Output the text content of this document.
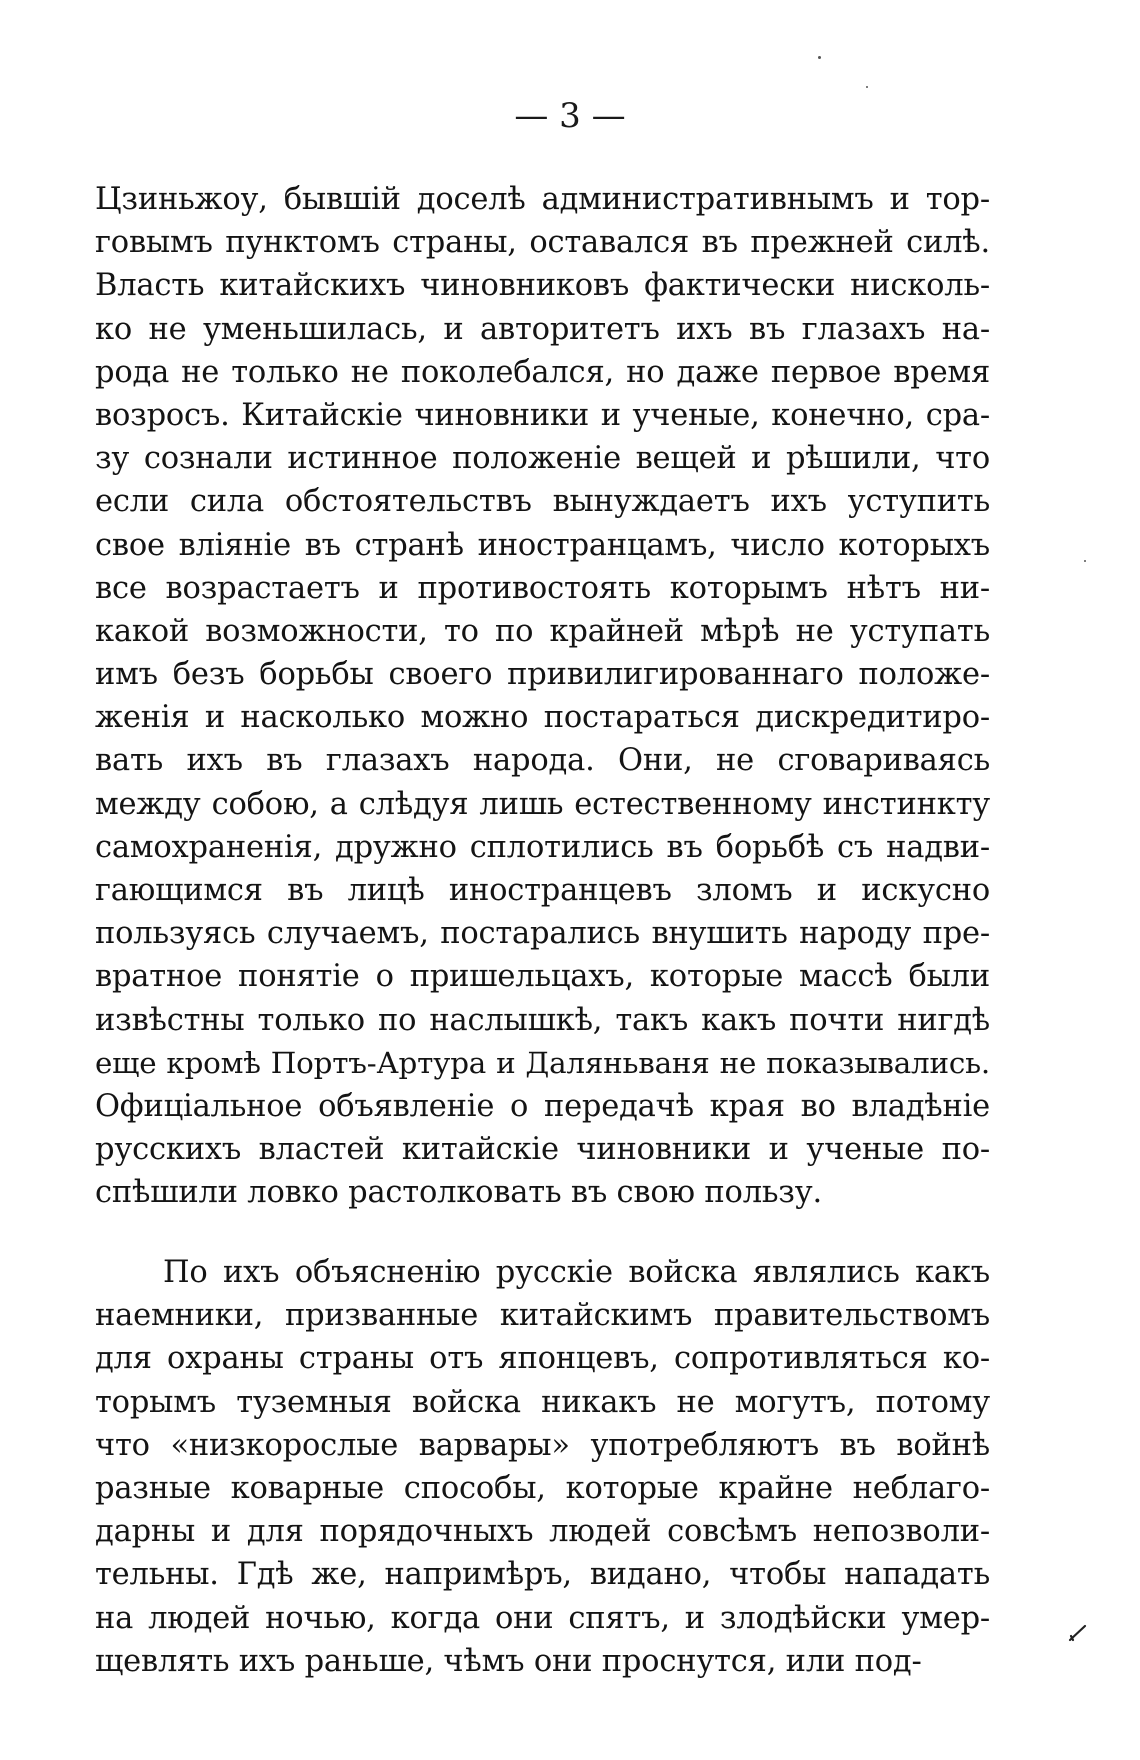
— 3 —
Цзиньжоу, бывшій доселѣ административнымъ и тор-
говымъ пунктомъ страны, оставался въ прежней силѣ.
Власть китайскихъ чиновниковъ фактически нисколь-
ко не уменьшилась, и авторитетъ ихъ въ глазахъ на-
рода не только не поколебался, но даже первое время
возросъ. Китайскіе чиновники и ученые, конечно, сра-
зу сознали истинное положеніе вещей и рѣшили, что
если сила обстоятельствъ вынуждаетъ ихъ уступить
свое вліяніе въ странѣ иностранцамъ, число которыхъ
все возрастаетъ и противостоять которымъ нѣтъ ни-
какой возможности, то по крайней мѣрѣ не уступать
имъ безъ борьбы своего привилигированнаго положе-
женія и насколько можно постараться дискредитиро-
вать ихъ въ глазахъ народа. Они, не сговариваясь
между собою, а слѣдуя лишь естественному инстинкту
самохраненія, дружно сплотились въ борьбѣ съ надви-
гающимся въ лицѣ иностранцевъ зломъ и искусно
пользуясь случаемъ, постарались внушить народу пре-
вратное понятіе о пришельцахъ, которые массѣ были
извѣстны только по наслышкѣ, такъ какъ почти нигдѣ
еще кромѣ Портъ-Артура и Даляньваня не показывались.
Офиціальное объявленіе о передачѣ края во владѣніе
русскихъ властей китайскіе чиновники и ученые по-
спѣшили ловко растолковать въ свою пользу.
По ихъ объясненію русскіе войска являлись какъ
наемники, призванные китайскимъ правительствомъ
для охраны страны отъ японцевъ, сопротивляться ко-
торымъ туземныя войска никакъ не могутъ, потому
что «низкорослые варвары» употребляютъ въ войнѣ
разные коварные способы, которые крайне неблаго-
дарны и для порядочныхъ людей совсѣмъ непозволи-
тельны. Гдѣ же, напримѣръ, видано, чтобы нападать
на людей ночью, когда они спятъ, и злодѣйски умер-
щевлять ихъ раньше, чѣмъ они проснутся, или под-
